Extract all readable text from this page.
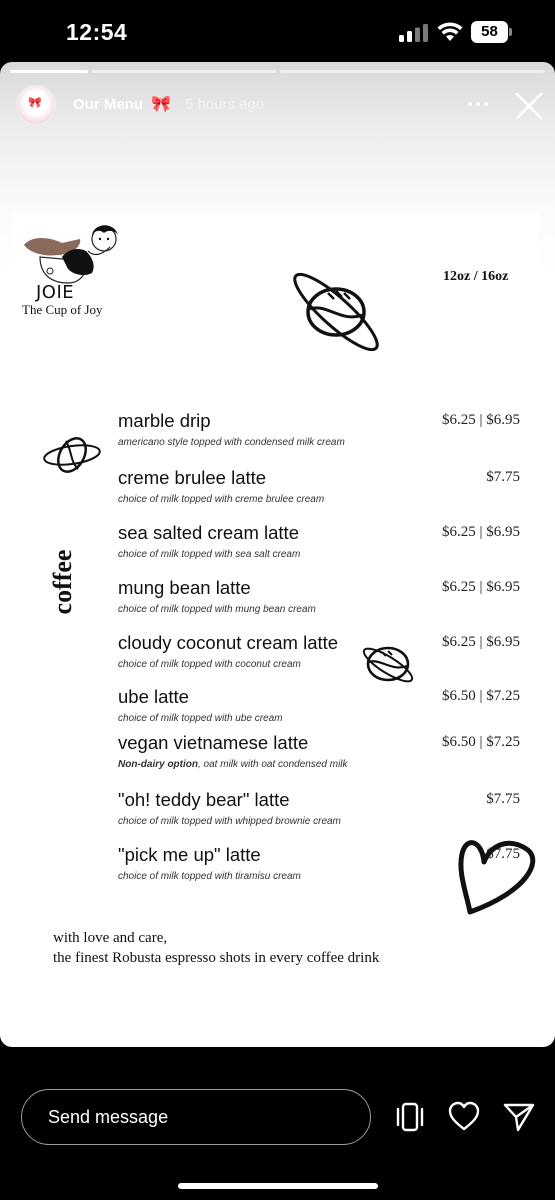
12:54	58
🎀 Our Menu 🎀 5 hours ago
JOIE
The Cup of Joy
12oz / 16oz
coffee
marble drip
americano style topped with condensed milk cream
$6.25 | $6.95
creme brulee latte
choice of milk topped with creme brulee cream
$7.75
sea salted cream latte
choice of milk topped with sea salt cream
$6.25 | $6.95
mung bean latte
choice of milk topped with mung bean cream
$6.25 | $6.95
cloudy coconut cream latte
choice of milk topped with coconut cream
$6.25 | $6.95
ube latte
choice of milk topped with ube cream
$6.50 | $7.25
vegan vietnamese latte
Non-dairy option, oat milk with oat condensed milk
$6.50 | $7.25
"oh! teddy bear" latte
choice of milk topped with whipped brownie cream
$7.75
"pick me up" latte
choice of milk topped with tiramisu cream
$7.75
with love and care,
the finest Robusta espresso shots in every coffee drink
Send message
